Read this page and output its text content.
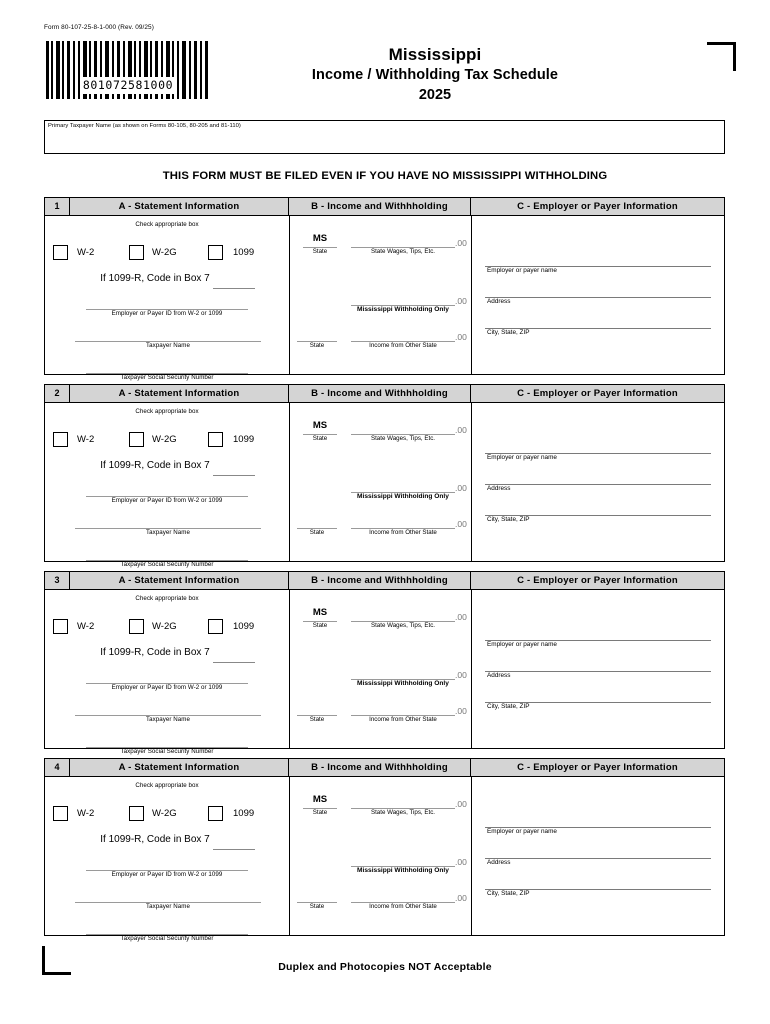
Form 80-107-25-8-1-000 (Rev. 09/25)
801072581000
Mississippi
Income / Withholding Tax Schedule
2025
Primary Taxpayer Name (as shown on Forms 80-105, 80-205 and 81-110)
THIS FORM MUST BE FILED EVEN IF YOU HAVE NO MISSISSIPPI WITHHOLDING
1	A - Statement Information	B - Income and Withhholding	C - Employer or Payer Information
Check appropriate box
W-2	W-2G	1099
If 1099-R, Code in Box 7
Employer or Payer ID from W-2 or 1099
Taxpayer Name
Taxpayer Social Security Number
MS
State
.00
State Wages, Tips, Etc.
.00
Mississippi Withholding Only
State
.00
Income from Other State
Employer or payer name
Address
City, State, ZIP
2	A - Statement Information	B - Income and Withhholding	C - Employer or Payer Information
Check appropriate box
W-2	W-2G	1099
If 1099-R, Code in Box 7
Employer or Payer ID from W-2 or 1099
Taxpayer Name
Taxpayer Social Security Number
MS
State
.00
State Wages, Tips, Etc.
.00
Mississippi Withholding Only
State
.00
Income from Other State
Employer or payer name
Address
City, State, ZIP
3	A - Statement Information	B - Income and Withhholding	C - Employer or Payer Information
Check appropriate box
W-2	W-2G	1099
If 1099-R, Code in Box 7
Employer or Payer ID from W-2 or 1099
Taxpayer Name
Taxpayer Social Security Number
MS
State
.00
State Wages, Tips, Etc.
.00
Mississippi Withholding Only
State
.00
Income from Other State
Employer or payer name
Address
City, State, ZIP
4	A - Statement Information	B - Income and Withhholding	C - Employer or Payer Information
Check appropriate box
W-2	W-2G	1099
If 1099-R, Code in Box 7
Employer or Payer ID from W-2 or 1099
Taxpayer Name
Taxpayer Social Security Number
MS
State
.00
State Wages, Tips, Etc.
.00
Mississippi Withholding Only
State
.00
Income from Other State
Employer or payer name
Address
City, State, ZIP
Duplex and Photocopies NOT Acceptable
